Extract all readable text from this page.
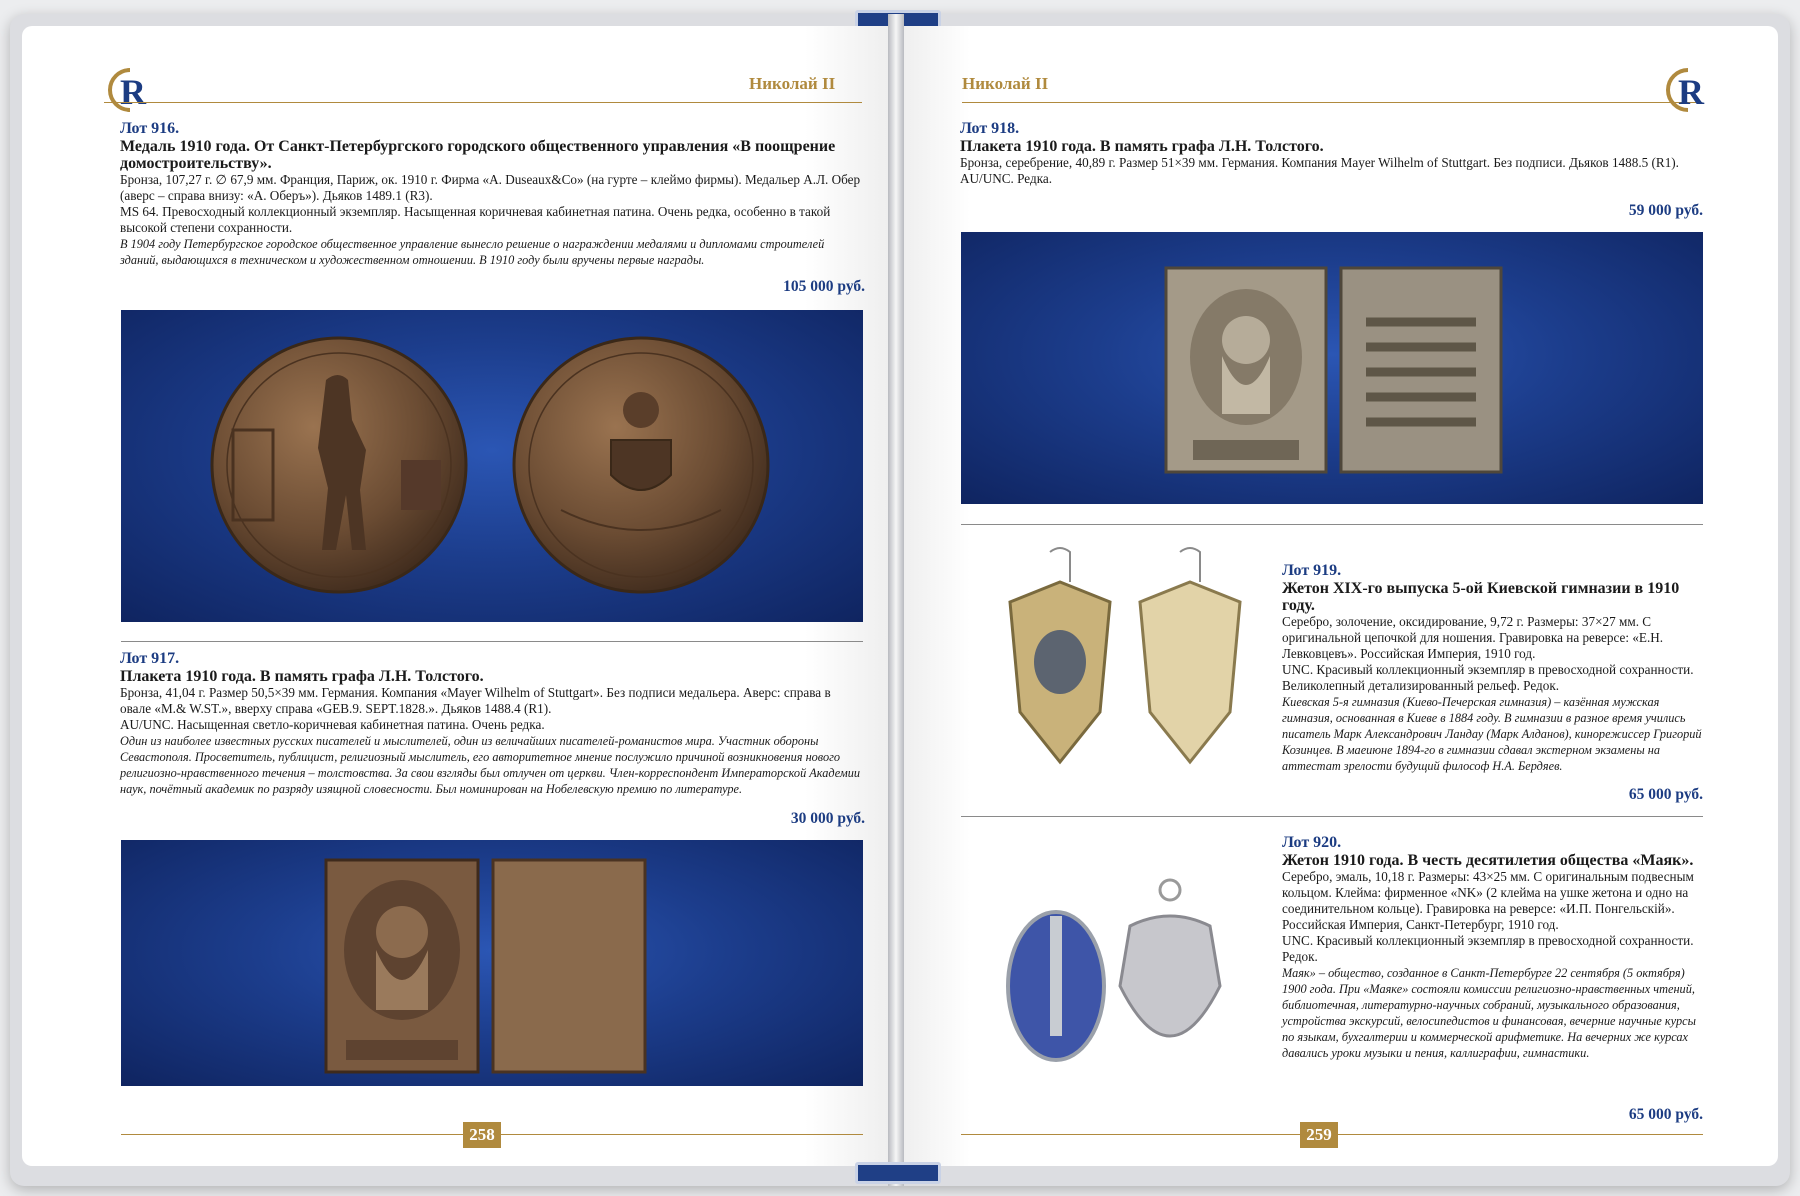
R	Николай II
Лот 916.
Медаль 1910 года. От Санкт-Петербургского городского общественного управления «В поощрение домостроительству».
Бронза, 107,27 г. ∅ 67,9 мм. Франция, Париж, ок. 1910 г. Фирма «A. Duseaux&Co» (на гурте – клеймо фирмы). Медальер А.Л. Обер (аверс – справа внизу: «А. Оберъ»). Дьяков 1489.1 (R3).
MS 64. Превосходный коллекционный экземпляр. Насыщенная коричневая кабинетная патина. Очень редка, особенно в такой высокой степени сохранности.
В 1904 году Петербургское городское общественное управление вынесло решение о награждении медалями и дипломами строителей зданий, выдающихся в техническом и художественном отношении. В 1910 году были вручены первые награды.
105 000 руб.
Лот 917.
Плакета 1910 года. В память графа Л.Н. Толстого.
Бронза, 41,04 г. Размер 50,5×39 мм. Германия. Компания «Mayer Wilhelm of Stuttgart». Без подписи медальера. Аверс: справа в овале «M.& W.ST.», вверху справа «GEB.9. SEPT.1828.». Дьяков 1488.4 (R1).
AU/UNC. Насыщенная светло-коричневая кабинетная патина. Очень редка.
Один из наиболее известных русских писателей и мыслителей, один из величайших писателей-романистов мира. Участник обороны Севастополя. Просветитель, публицист, религиозный мыслитель, его авторитетное мнение послужило причиной возникновения нового религиозно-нравственного течения – толстовства. За свои взгляды был отлучен от церкви. Член-корреспондент Императорской Академии наук, почётный академик по разряду изящной словесности. Был номинирован на Нобелевскую премию по литературе.
30 000 руб.
258
Николай II	R
Лот 918.
Плакета 1910 года. В память графа Л.Н. Толстого.
Бронза, серебрение, 40,89 г. Размер 51×39 мм. Германия. Компания Mayer Wilhelm of Stuttgart. Без подписи. Дьяков 1488.5 (R1).
AU/UNC. Редка.
59 000 руб.
Лот 919.
Жетон XIX-го выпуска 5-ой Киевской гимназии в 1910 году.
Серебро, золочение, оксидирование, 9,72 г. Размеры: 37×27 мм. С оригинальной цепочкой для ношения. Гравировка на реверсе: «Е.Н. Левковцевъ». Российская Империя, 1910 год.
UNC. Красивый коллекционный экземпляр в превосходной сохранности. Великолепный детализированный рельеф. Редок.
Киевская 5-я гимназия (Киево-Печерская гимназия) – казённая мужская гимназия, основанная в Киеве в 1884 году. В гимназии в разное время учились писатель Марк Александрович Ландау (Марк Алданов), кинорежиссер Григорий Козинцев. В маеиюне 1894-го в гимназии сдавал экстерном экзамены на аттестат зрелости будущий философ Н.А. Бердяев.
65 000 руб.
Лот 920.
Жетон 1910 года. В честь десятилетия общества «Маяк».
Серебро, эмаль, 10,18 г. Размеры: 43×25 мм. С оригинальным подвесным кольцом. Клейма: фирменное «NK» (2 клейма на ушке жетона и одно на соединительном кольце). Гравировка на реверсе: «И.П. Понгельскій». Российская Империя, Санкт-Петербург, 1910 год.
UNC. Красивый коллекционный экземпляр в превосходной сохранности. Редок.
Маяк» – общество, созданное в Санкт-Петербурге 22 сентября (5 октября) 1900 года. При «Маяке» состояли комиссии религиозно-нравственных чтений, библиотечная, литературно-научных собраний, музыкального образования, устройства экскурсий, велосипедистов и финансовая, вечерние научные курсы по языкам, бухгалтерии и коммерческой арифметике. На вечерних же курсах давались уроки музыки и пения, каллиграфии, гимнастики.
65 000 руб.
259
